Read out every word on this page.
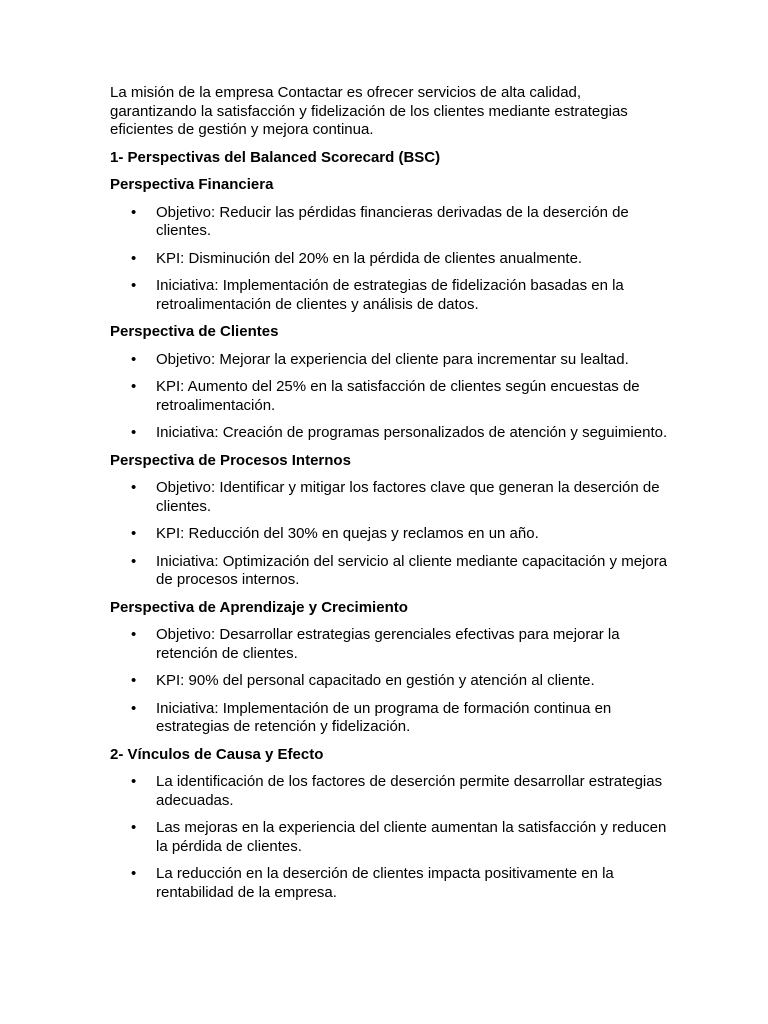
La misión de la empresa Contactar es ofrecer servicios de alta calidad, garantizando la satisfacción y fidelización de los clientes mediante estrategias eficientes de gestión y mejora continua.

1- Perspectivas del Balanced Scorecard (BSC)
Perspectiva Financiera
• Objetivo: Reducir las pérdidas financieras derivadas de la deserción de clientes.
• KPI: Disminución del 20% en la pérdida de clientes anualmente.
• Iniciativa: Implementación de estrategias de fidelización basadas en la retroalimentación de clientes y análisis de datos.
Perspectiva de Clientes
• Objetivo: Mejorar la experiencia del cliente para incrementar su lealtad.
• KPI: Aumento del 25% en la satisfacción de clientes según encuestas de retroalimentación.
• Iniciativa: Creación de programas personalizados de atención y seguimiento.
Perspectiva de Procesos Internos
• Objetivo: Identificar y mitigar los factores clave que generan la deserción de clientes.
• KPI: Reducción del 30% en quejas y reclamos en un año.
• Iniciativa: Optimización del servicio al cliente mediante capacitación y mejora de procesos internos.
Perspectiva de Aprendizaje y Crecimiento
• Objetivo: Desarrollar estrategias gerenciales efectivas para mejorar la retención de clientes.
• KPI: 90% del personal capacitado en gestión y atención al cliente.
• Iniciativa: Implementación de un programa de formación continua en estrategias de retención y fidelización.
2- Vínculos de Causa y Efecto
• La identificación de los factores de deserción permite desarrollar estrategias adecuadas.
• Las mejoras en la experiencia del cliente aumentan la satisfacción y reducen la pérdida de clientes.
• La reducción en la deserción de clientes impacta positivamente en la rentabilidad de la empresa.
